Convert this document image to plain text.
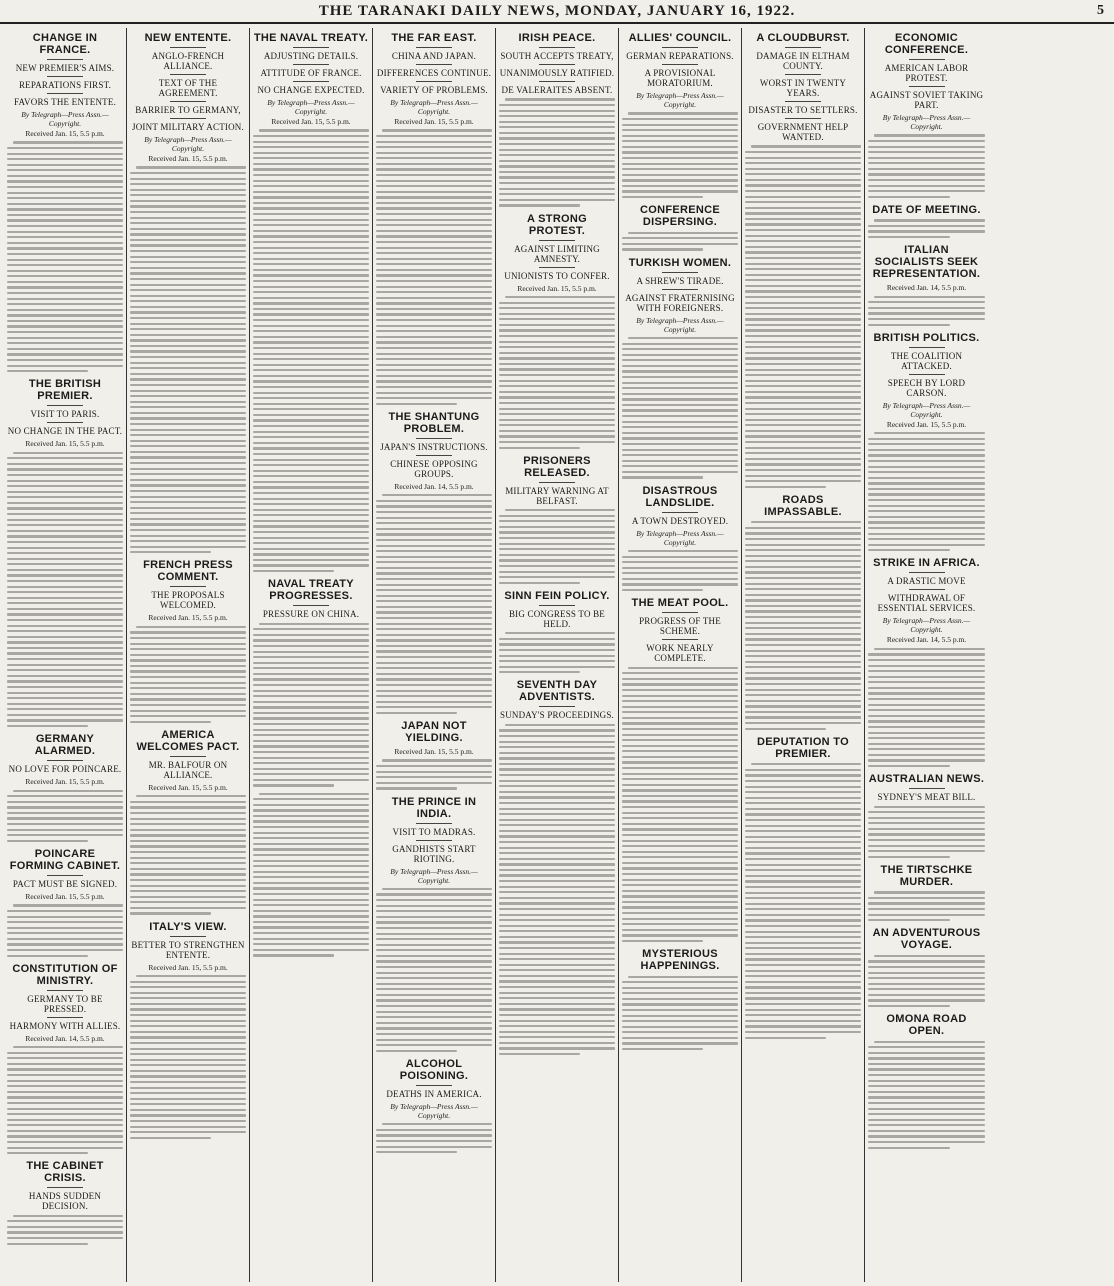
THE TARANAKI DAILY NEWS, MONDAY, JANUARY 16, 1922.	5
CHANGE IN FRANCE.
NEW PREMIER'S AIMS.
REPARATIONS FIRST.
FAVORS THE ENTENTE.
By Telegraph—Press Assn.—Copyright.
Received Jan. 15, 5.5 p.m.
THE BRITISH PREMIER.
VISIT TO PARIS.
NO CHANGE IN THE PACT.
Received Jan. 15, 5.5 p.m.
GERMANY ALARMED.
NO LOVE FOR POINCARE.
Received Jan. 15, 5.5 p.m.
POINCARE FORMING CABINET.
PACT MUST BE SIGNED.
Received Jan. 15, 5.5 p.m.
CONSTITUTION OF MINISTRY.
GERMANY TO BE PRESSED.
HARMONY WITH ALLIES.
Received Jan. 14, 5.5 p.m.
THE CABINET CRISIS.
HANDS SUDDEN DECISION.
NEW ENTENTE.
ANGLO-FRENCH ALLIANCE.
TEXT OF THE AGREEMENT.
BARRIER TO GERMANY,
JOINT MILITARY ACTION.
By Telegraph—Press Assn.—Copyright.
Received Jan. 15, 5.5 p.m.
FRENCH PRESS COMMENT.
THE PROPOSALS WELCOMED.
Received Jan. 15, 5.5 p.m.
AMERICA WELCOMES PACT.
MR. BALFOUR ON ALLIANCE.
Received Jan. 15, 5.5 p.m.
ITALY'S VIEW.
BETTER TO STRENGTHEN ENTENTE.
Received Jan. 15, 5.5 p.m.
THE NAVAL TREATY.
ADJUSTING DETAILS.
ATTITUDE OF FRANCE.
NO CHANGE EXPECTED.
By Telegraph—Press Assn.—Copyright.
Received Jan. 15, 5.5 p.m.
NAVAL TREATY PROGRESSES.
PRESSURE ON CHINA.
THE FAR EAST.
CHINA AND JAPAN.
DIFFERENCES CONTINUE.
VARIETY OF PROBLEMS.
By Telegraph—Press Assn.—Copyright.
Received Jan. 15, 5.5 p.m.
THE SHANTUNG PROBLEM.
JAPAN'S INSTRUCTIONS.
CHINESE OPPOSING GROUPS.
Received Jan. 14, 5.5 p.m.
JAPAN NOT YIELDING.
Received Jan. 15, 5.5 p.m.
THE PRINCE IN INDIA.
VISIT TO MADRAS.
GANDHISTS START RIOTING.
By Telegraph—Press Assn.—Copyright.
ALCOHOL POISONING.
DEATHS IN AMERICA.
By Telegraph—Press Assn.—Copyright.
IRISH PEACE.
SOUTH ACCEPTS TREATY,
UNANIMOUSLY RATIFIED.
DE VALERAITES ABSENT.
A STRONG PROTEST.
AGAINST LIMITING AMNESTY.
UNIONISTS TO CONFER.
Received Jan. 15, 5.5 p.m.
PRISONERS RELEASED.
MILITARY WARNING AT BELFAST.
SINN FEIN POLICY.
BIG CONGRESS TO BE HELD.
SEVENTH DAY ADVENTISTS.
SUNDAY'S PROCEEDINGS.
ALLIES' COUNCIL.
GERMAN REPARATIONS.
A PROVISIONAL MORATORIUM.
By Telegraph—Press Assn.—Copyright.
CONFERENCE DISPERSING.
TURKISH WOMEN.
A SHREW'S TIRADE.
AGAINST FRATERNISING WITH FOREIGNERS.
By Telegraph—Press Assn.—Copyright.
DISASTROUS LANDSLIDE.
A TOWN DESTROYED.
By Telegraph—Press Assn.—Copyright.
THE MEAT POOL.
PROGRESS OF THE SCHEME.
WORK NEARLY COMPLETE.
MYSTERIOUS HAPPENINGS.
A CLOUDBURST.
DAMAGE IN ELTHAM COUNTY.
WORST IN TWENTY YEARS.
DISASTER TO SETTLERS.
GOVERNMENT HELP WANTED.
ROADS IMPASSABLE.
DEPUTATION TO PREMIER.
ECONOMIC CONFERENCE.
AMERICAN LABOR PROTEST.
AGAINST SOVIET TAKING PART.
By Telegraph—Press Assn.—Copyright.
DATE OF MEETING.
ITALIAN SOCIALISTS SEEK REPRESENTATION.
Received Jan. 14, 5.5 p.m.
BRITISH POLITICS.
THE COALITION ATTACKED.
SPEECH BY LORD CARSON.
By Telegraph—Press Assn.—Copyright.
Received Jan. 15, 5.5 p.m.
STRIKE IN AFRICA.
A DRASTIC MOVE
WITHDRAWAL OF ESSENTIAL SERVICES.
By Telegraph—Press Assn.—Copyright.
Received Jan. 14, 5.5 p.m.
AUSTRALIAN NEWS.
SYDNEY'S MEAT BILL.
THE TIRTSCHKE MURDER.
AN ADVENTUROUS VOYAGE.
OMONA ROAD OPEN.
